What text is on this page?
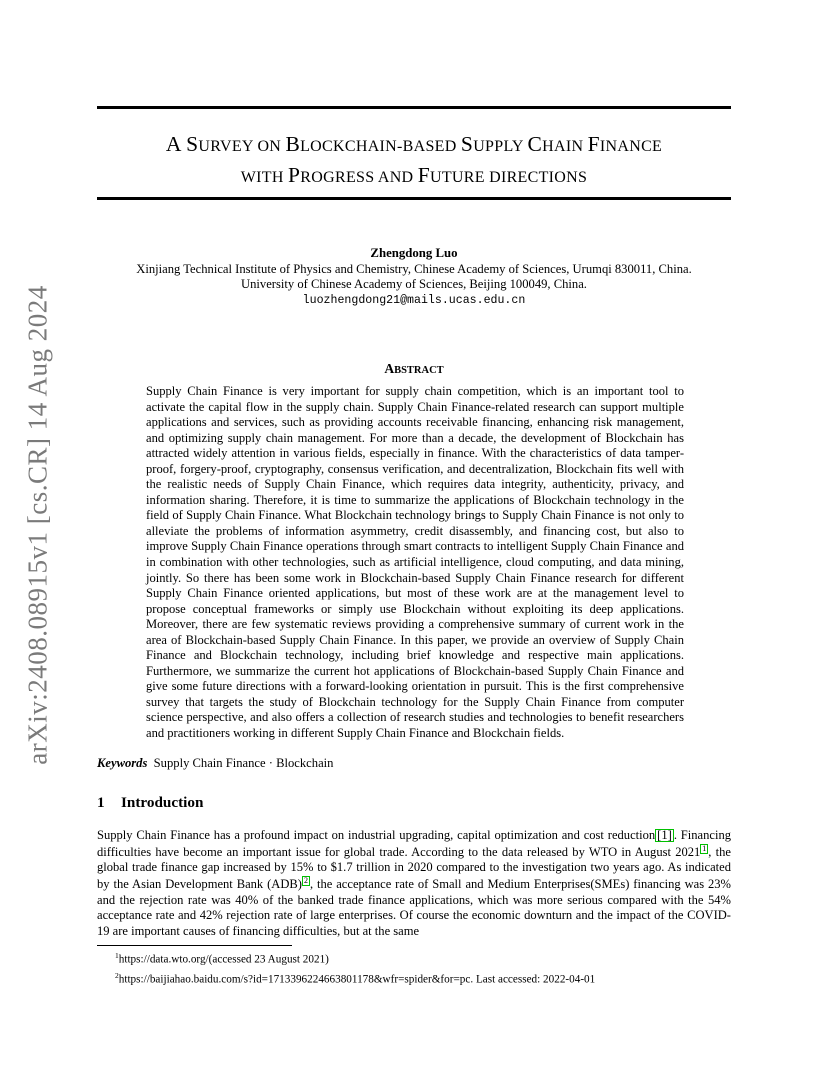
A SURVEY ON BLOCKCHAIN-BASED SUPPLY CHAIN FINANCE
WITH PROGRESS AND FUTURE DIRECTIONS
arXiv:2408.08915v1 [cs.CR] 14 Aug 2024
Zhengdong Luo
Xinjiang Technical Institute of Physics and Chemistry, Chinese Academy of Sciences, Urumqi 830011, China.
University of Chinese Academy of Sciences, Beijing 100049, China.
luozhengdong21@mails.ucas.edu.cn
ABSTRACT
Supply Chain Finance is very important for supply chain competition, which is an important tool to activate the capital flow in the supply chain. Supply Chain Finance-related research can support multiple applications and services, such as providing accounts receivable financing, enhancing risk management, and optimizing supply chain management. For more than a decade, the development of Blockchain has attracted widely attention in various fields, especially in finance. With the characteristics of data tamper-proof, forgery-proof, cryptography, consensus verification, and decentralization, Blockchain fits well with the realistic needs of Supply Chain Finance, which requires data integrity, authenticity, privacy, and information sharing. Therefore, it is time to summarize the applications of Blockchain technology in the field of Supply Chain Finance. What Blockchain technology brings to Supply Chain Finance is not only to alleviate the problems of information asymmetry, credit disassembly, and financing cost, but also to improve Supply Chain Finance operations through smart contracts to intelligent Supply Chain Finance and in combination with other technologies, such as artificial intelligence, cloud computing, and data mining, jointly. So there has been some work in Blockchain-based Supply Chain Finance research for different Supply Chain Finance oriented applications, but most of these work are at the management level to propose conceptual frameworks or simply use Blockchain without exploiting its deep applications. Moreover, there are few systematic reviews providing a comprehensive summary of current work in the area of Blockchain-based Supply Chain Finance. In this paper, we provide an overview of Supply Chain Finance and Blockchain technology, including brief knowledge and respective main applications. Furthermore, we summarize the current hot applications of Blockchain-based Supply Chain Finance and give some future directions with a forward-looking orientation in pursuit. This is the first comprehensive survey that targets the study of Blockchain technology for the Supply Chain Finance from computer science perspective, and also offers a collection of research studies and technologies to benefit researchers and practitioners working in different Supply Chain Finance and Blockchain fields.
Keywords Supply Chain Finance · Blockchain
1 Introduction
Supply Chain Finance has a profound impact on industrial upgrading, capital optimization and cost reduction [1] . Financing difficulties have become an important issue for global trade. According to the data released by WTO in August 2021 1 , the global trade finance gap increased by 15% to $1.7 trillion in 2020 compared to the investigation two years ago. As indicated by the Asian Development Bank (ADB) 2 , the acceptance rate of Small and Medium Enterprises(SMEs) financing was 23% and the rejection rate was 40% of the banked trade finance applications, which was more serious compared with the 54% acceptance rate and 42% rejection rate of large enterprises. Of course the economic downturn and the impact of the COVID-19 are important causes of financing difficulties, but at the same
$^1$https://data.wto.org/(accessed 23 August 2021)
$^2$https://baijiahao.baidu.com/s?id=1713396224663801178&wfr=spider&for=pc. Last accessed: 2022-04-01
